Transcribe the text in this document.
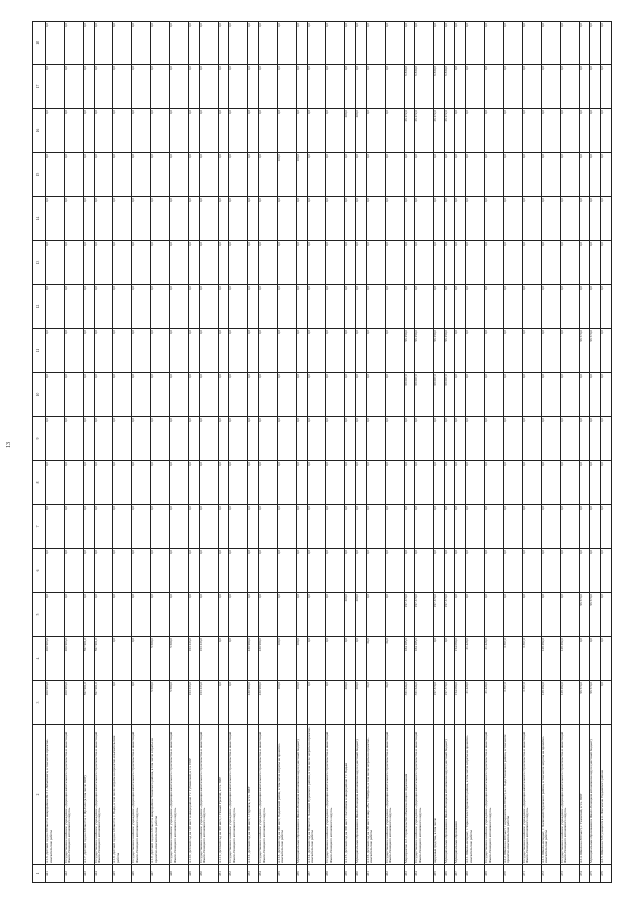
13
1	2	3	4	5	6	7	8	9	10	11	12	13	14	15	16	17	18
441	4.1.6. Детский сад на 300 мест в микрорайоне № 3 г. Лабытнанги, в том числе проектно-изыскательские работы	200 903,0	200 903,0	0,0	0,0	0,0	0,0	0,0	0,0	0,0	0,0	0,0	0,0	0,0	0,0	0,0	0,0
442	Государственное казённое учреждение «Дирекция капитального строительства и инвестиций Ямало-Ненецкого автономного округа»	200 903,0	200 903,0	0,0	0,0	0,0	0,0	0,0	0,0	0,0	0,0	0,0	0,0	0,0	0,0	0,0	0,0
443	4.1.7. Детский сад на 320 мест в с. Яр-Сале (в том числе ПИР)	597 901,0	597 901,0	0,0	0,0	0,0	0,0	0,0	0,0	0,0	0,0	0,0	0,0	0,0	0,0	0,0	0,0
444	Государственное казённое учреждение «Дирекция капитального строительства и инвестиций Ямало-Ненецкого автономного округа»	597 901,0	597 901,0	0,0	0,0	0,0	0,0	0,0	0,0	0,0	0,0	0,0	0,0	0,0	0,0	0,0	0,0
445	4.1.8. Детский сад на 120 мест в с. Ныда, в том числе затраты на проектно-изыскательские работы	0,0	0,0	0,0	0,0	0,0	0,0	0,0	0,0	0,0	0,0	0,0	0,0	0,0	0,0	0,0	0,0
446	Государственное казённое учреждение «Дирекция капитального строительства и инвестиций Ямало-Ненецкого автономного округа»	0,0	0,0	0,0	0,0	0,0	0,0	0,0	0,0	0,0	0,0	0,0	0,0	0,0	0,0	0,0	0,0
447	4.1.9. Детский сад на 220 мест в микрорайоне Тазовского района, в том числе затраты на проектно-изыскательские работы	5 680,0	5 680,0	0,0	0,0	0,0	0,0	0,0	0,0	0,0	0,0	0,0	0,0	0,0	0,0	0,0	0,0
448	Государственное казённое учреждение «Дирекция капитального строительства и инвестиций Ямало-Ненецкого автономного округа»	5 680,0	5 680,0	0,0	0,0	0,0	0,0	0,0	0,0	0,0	0,0	0,0	0,0	0,0	0,0	0,0	0,0
449	4.1.10. Детский сад на 120 мест в микрорайоне 7 г. Губкинский, в т.ч. ПИР	163 233,0	163 233,0	0,0	0,0	0,0	0,0	0,0	0,0	0,0	0,0	0,0	0,0	0,0	0,0	0,0	0,0
450	Государственное казённое учреждение «Дирекция капитального строительства и инвестиций Ямало-Ненецкого автономного округа»	163 233,0	163 233,0	0,0	0,0	0,0	0,0	0,0	0,0	0,0	0,0	0,0	0,0	0,0	0,0	0,0	0,0
451	4.1.11. Детский сад на 300 мест, г. Новый Уренгой, в т.ч. ПИР	0,0	0,0	0,0	0,0	0,0	0,0	0,0	0,0	0,0	0,0	0,0	0,0	0,0	0,0	0,0	0,0
452	Государственное казённое учреждение «Дирекция капитального строительства и инвестиций Ямало-Ненецкого автономного округа»	0,0	0,0	0,0	0,0	0,0	0,0	0,0	0,0	0,0	0,0	0,0	0,0	0,0	0,0	0,0	0,0
453	4.1.12. Детский сад на 300 мест, г. Пуровск, в т.ч. ПИР	230 980,0	230 980,0	0,0	0,0	0,0	0,0	0,0	0,0	0,0	0,0	0,0	0,0	0,0	0,0	0,0	0,0
454	Государственное казённое учреждение «Дирекция капитального строительства и инвестиций Ямало-Ненецкого автономного округа»	230 980,0	230 980,0	0,0	0,0	0,0	0,0	0,0	0,0	0,0	0,0	0,0	0,0	0,0	0,0	0,0	0,0
455	4.1.13. Детский сад на 240 мест, Надымский район, в том числе затраты на проектно-изыскательские работы	100,0	100,0	0,0	0,0	0,0	0,0	0,0	0,0	0,0	0,0	0,0	0,0	100,0	0,0	0,0	0,0
456	Муниципальные образования в Ямало-Ненецком автономном округе (местный бюджет)	100,0	100,0	0,0	0,0	0,0	0,0	0,0	0,0	0,0	0,0	0,0	0,0	100,0	0,0	0,0	0,0
457	4.1.14. Детский сад на 80 мест п. Ханымей Пуровского района, в том числе затраты на проектно-изыскательские работы	0,0	0,0	0,0	0,0	0,0	0,0	0,0	0,0	0,0	0,0	0,0	0,0	0,0	0,0	0,0	0,0
458	Государственное казённое учреждение «Дирекция капитального строительства и инвестиций Ямало-Ненецкого автономного округа»	0,0	0,0	0,0	0,0	0,0	0,0	0,0	0,0	0,0	0,0	0,0	0,0	0,0	0,0	0,0	0,0
459	4.1.15. Детский сад на 300 мест с бассейном в микрорайоне 7 г. Надым	200,0	0,0	200,0	0,0	0,0	0,0	0,0	0,0	0,0	0,0	0,0	0,0	0,0	200,0	0,0	0,0
460	Муниципальные образования в Ямало-Ненецком автономном округе (местный бюджет)	200,0	0,0	200,0	0,0	0,0	0,0	0,0	0,0	0,0	0,0	0,0	0,0	0,0	200,0	0,0	0,0
461	4.1.16. Детский сад на 180 мест в мкр. «В» г. Ноябрьск, в том числе затраты на проектно-изыскательские работы	34,0	34,0	0,0	0,0	0,0	0,0	0,0	0,0	0,0	0,0	0,0	0,0	0,0	0,0	0,0	0,0
462	Государственное казённое учреждение «Дирекция капитального строительства и инвестиций Ямало-Ненецкого автономного округа»	34,0	34,0	0,0	0,0	0,0	0,0	0,0	0,0	0,0	0,0	0,0	0,0	0,0	0,0	0,0	0,0
463	Мероприятие 4.2. Строительство объектов общего образования	351 624,0	184 185,6	197 370,0	0,0	0,0	0,0	0,0	69 087,0	96 250,0	0,0	0,0	0,0	0,0	26 272,0	6 830,0	0,0
464	Государственное казённое учреждение «Дирекция капитального строительства и инвестиций Ямало-Ненецкого автономного округа»	351 624,0	184 185,6	197 370,0	0,0	0,0	0,0	0,0	69 087,0	96 250,0	0,0	0,0	0,0	0,0	26 272,0	6 830,0	0,0
465	окружные средства, в том числе	197 370,0	0,0	197 370,0	0,0	0,0	0,0	0,0	69 087,0	96 250,0	0,0	0,0	0,0	0,0	26 272,0	6 830,0	0,0
466	Муниципальные образования в Ямало-Ненецком автономном округе (местный бюджет)	197 370,0	0,0	197 370,0	0,0	0,0	0,0	0,0	69 087,0	96 250,0	0,0	0,0	0,0	0,0	26 272,0	6 830,0	0,0
467	Муниципальные образования	154 090,0	154 090,0	0,0	0,0	0,0	0,0	0,0	0,0	0,0	0,0	0,0	0,0	0,0	0,0	0,0	0,0
468	4.2.1. Школа-интернат, г. Тарко-Сале Пуровского района, в том числе затраты на проектно-изыскательские работы	21 420,0	21 420,0	0,0	0,0	0,0	0,0	0,0	0,0	0,0	0,0	0,0	0,0	0,0	0,0	0,0	0,0
469	Государственное казённое учреждение «Дирекция капитального строительства и инвестиций Ямало-Ненецкого автономного округа»	21 420,0	21 420,0	0,0	0,0	0,0	0,0	0,0	0,0	0,0	0,0	0,0	0,0	0,0	0,0	0,0	0,0
470	4.2.2. Школа на 400 мест с интернатом на 80 мест, в с. Гыда Тазовского района, в том числе проектно-изыскательские работы	3 367,0	3 367,0	0,0	0,0	0,0	0,0	0,0	0,0	0,0	0,0	0,0	0,0	0,0	0,0	0,0	0,0
471	Государственное казённое учреждение «Дирекция капитального строительства и инвестиций Ямало-Ненецкого автономного округа»	3 367,0	3 367,0	0,0	0,0	0,0	0,0	0,0	0,0	0,0	0,0	0,0	0,0	0,0	0,0	0,0	0,0
472	4.2.3. Школа-интернат, с. Халясавэй Пуровского района, в том числе затраты на проектно-изыскательские работы	129 292,0	129 292,0	0,0	0,0	0,0	0,0	0,0	0,0	0,0	0,0	0,0	0,0	0,0	0,0	0,0	0,0
473	Государственное казённое учреждение «Дирекция капитального строительства и инвестиций Ямало-Ненецкого автономного округа»	129 292,0	129 292,0	0,0	0,0	0,0	0,0	0,0	0,0	0,0	0,0	0,0	0,0	0,0	0,0	0,0	0,0
474	4.2.4. Школа на 800 мест, г. Тазовский, в т.ч. ПИР	96 570,0	0,0	96 570,0	0,0	0,0	0,0	0,0	0,0	96 570,0	0,0	0,0	0,0	0,0	0,0	0,0	0,0
475	Муниципальные образования в Ямало-Ненецком автономном округе (местный бюджет)	96 570,0	0,0	96 570,0	0,0	0,0	0,0	0,0	0,0	96 570,0	0,0	0,0	0,0	0,0	0,0	0,0	0,0
476	4.2.5. Школа на 528 учащихся в п. Лонгъюган Надымского района	0,0	0,0	0,0	0,0	0,0	0,0	0,0	0,0	0,0	0,0	0,0	0,0	0,0	0,0	0,0	0,0
